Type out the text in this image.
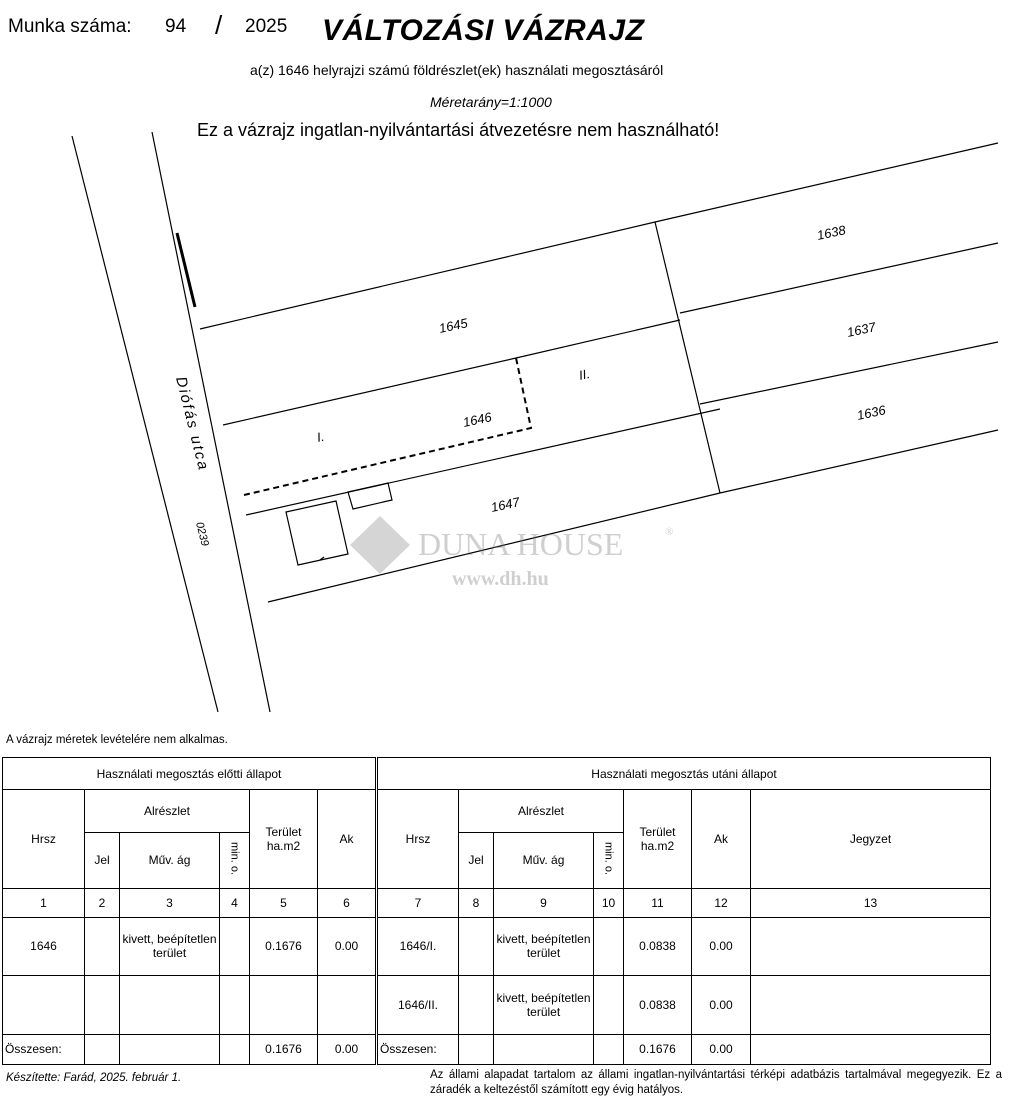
Munka száma: 94 / 2025 VÁLTOZÁSI VÁZRAJZ
a(z) 1646 helyrajzi számú földrészlet(ek) használati megosztásáról
Méretarány=1:1000
Ez a vázrajz ingatlan-nyilvántartási átvezetésre nem használható!
DUNA HOUSE	®
www.dh.hu
1638
1645	1637
1636
1646
1647
I.
II.
Diófás utca
0239
A vázrajz méretek levételére nem alkalmas.
Használati megosztás előtti állapot						Használati megosztás utáni állapot						
Hrsz	Alrészlet			Terület ha.m2	Ak	Hrsz	Alrészlet			Terület ha.m2	Ak	Jegyzet
	Jel	Műv. ág	min. o.				Jel	Műv. ág	min. o.			
1	2	3	4	5	6	7	8	9	10	11	12	13
1646		kivett, beépítetlen terület		0.1676	0.00	1646/I.		kivett, beépítetlen terület		0.0838	0.00	
						1646/II.		kivett, beépítetlen terület		0.0838	0.00	
Összesen:				0.1676	0.00	Összesen:				0.1676	0.00	
Készítette: Farád, 2025. február 1.	Az állami alapadat tartalom az állami ingatlan-nyilvántartási térképi adatbázis tartalmával megegyezik. Ez a záradék a keltezéstől számított egy évig hatályos.
